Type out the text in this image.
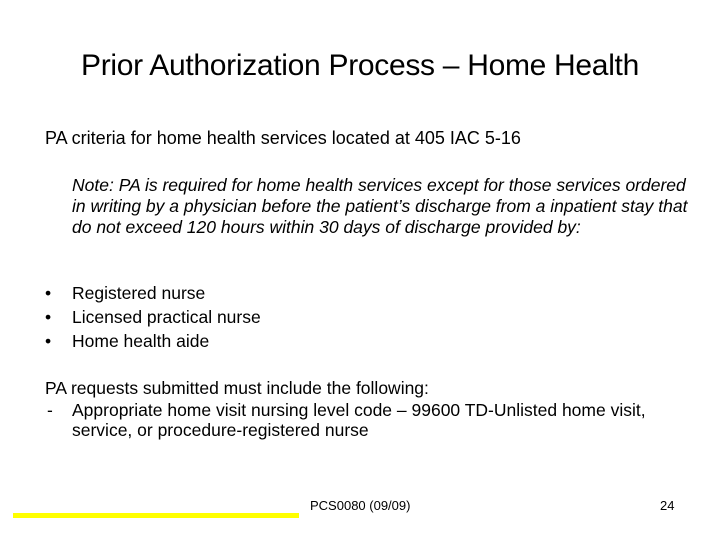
Prior Authorization Process – Home Health
PA criteria for home health services located at 405 IAC 5-16
Note: PA is required for home health services except for those services ordered in writing by a physician before the patient’s discharge from a inpatient stay that do not exceed 120 hours within 30 days of discharge provided by:
•	Registered nurse
•	Licensed practical nurse
•	Home health aide
PA requests submitted must include the following:
-	Appropriate home visit nursing level code – 99600 TD-Unlisted home visit, service, or procedure-registered nurse
PCS0080 (09/09)	24
